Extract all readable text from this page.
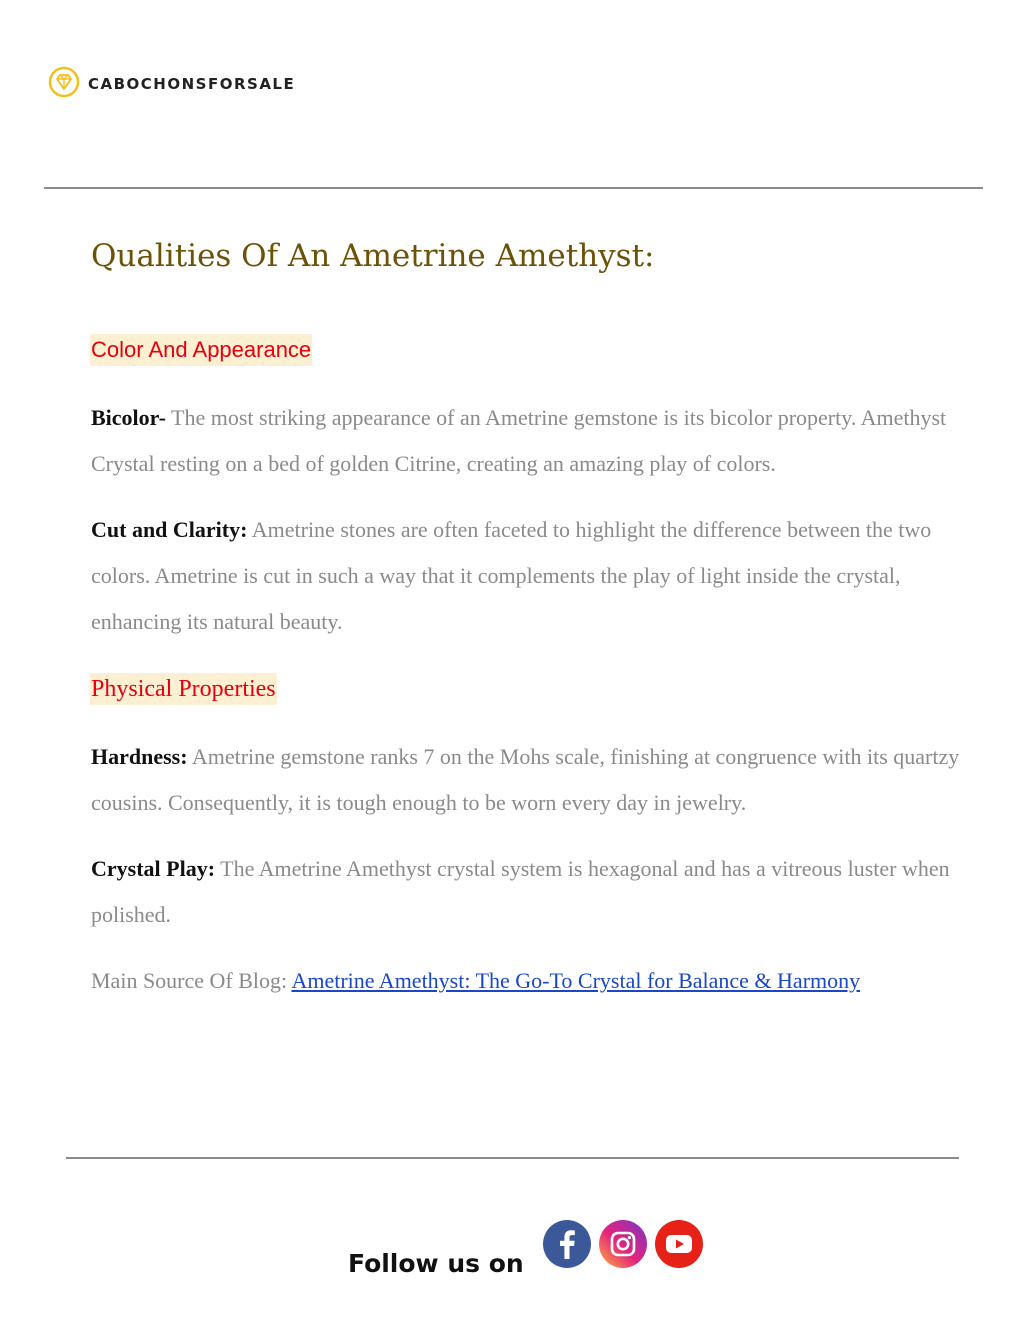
cabochonsforsale
Qualities Of An Ametrine Amethyst:
Color And Appearance

Bicolor- The most striking appearance of an Ametrine gemstone is its bicolor property. Amethyst Crystal resting on a bed of golden Citrine, creating an amazing play of colors.

Cut and Clarity: Ametrine stones are often faceted to highlight the difference between the two colors. Ametrine is cut in such a way that it complements the play of light inside the crystal, enhancing its natural beauty.

Physical Properties

Hardness: Ametrine gemstone ranks 7 on the Mohs scale, finishing at congruence with its quartzy cousins. Consequently, it is tough enough to be worn every day in jewelry.

Crystal Play: The Ametrine Amethyst crystal system is hexagonal and has a vitreous luster when polished.

Main Source Of Blog: Ametrine Amethyst: The Go-To Crystal for Balance & Harmony

Follow us on
